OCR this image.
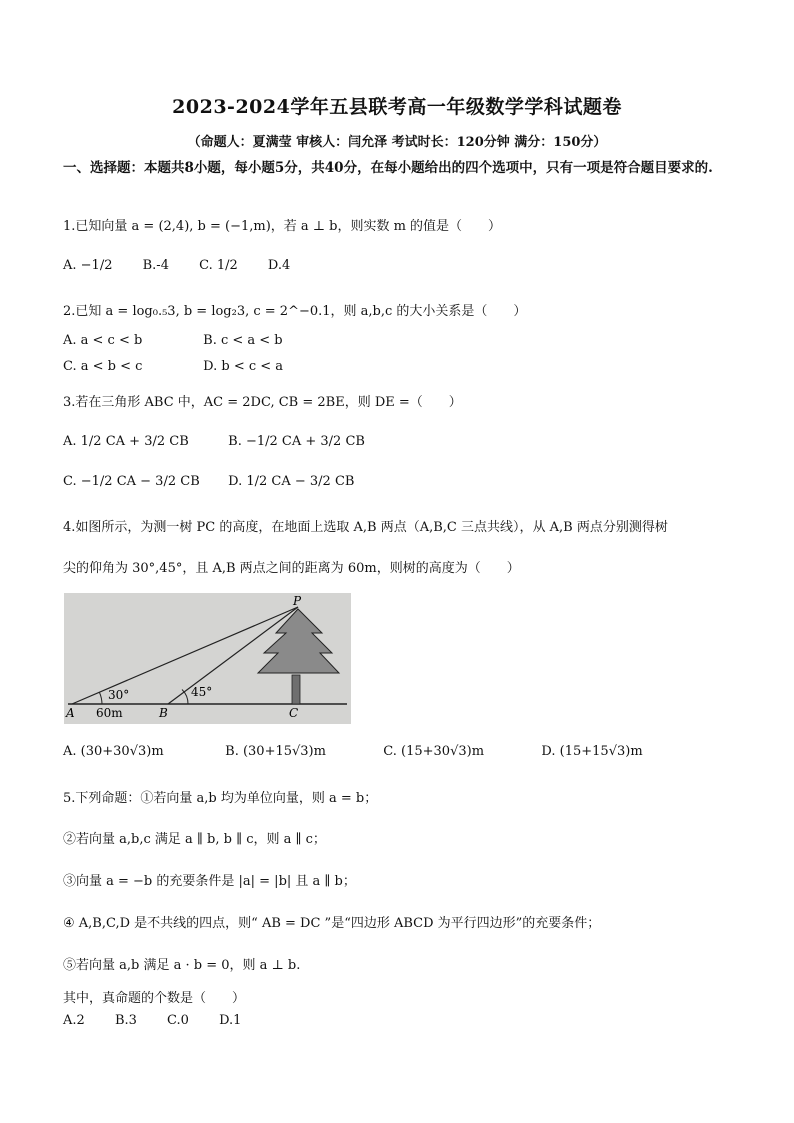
2023-2024学年五县联考高一年级数学学科试题卷
（命题人：夏满莹 审核人：闫允泽 考试时长：120分钟 满分：150分）
一、选择题：本题共8小题，每小题5分，共40分，在每小题给出的四个选项中，只有一项是符合题目要求的.
1.已知向量 a = (2,4), b = (−1,m)，若 a ⊥ b，则实数 m 的值是（　　）
A. −1/2 B.-4 C. 1/2 D.4
2.已知 a = log₀.₅3, b = log₂3, c = 2^−0.1，则 a,b,c 的大小关系是（　　）
A. a < c < b	B. c < a < b
C. a < b < c	D. b < c < a
3.若在三角形 ABC 中，AC = 2DC, CB = 2BE，则 DE =（　　）
A. 1/2 CA + 3/2 CB	B. −1/2 CA + 3/2 CB
C. −1/2 CA − 3/2 CB D. 1/2 CA − 3/2 CB
4.如图所示，为测一树 PC 的高度，在地面上选取 A,B 两点（A,B,C 三点共线），从 A,B 两点分别测得树
尖的仰角为 30°,45°，且 A,B 两点之间的距离为 60m，则树的高度为（　　）
P
A	B	C
30°	45°
60m
A. (30+30√3)m	B. (30+15√3)m	C. (15+30√3)m	D. (15+15√3)m
5.下列命题：①若向量 a,b 均为单位向量，则 a = b；
②若向量 a,b,c 满足 a ∥ b, b ∥ c，则 a ∥ c；
③向量 a = −b 的充要条件是 |a| = |b| 且 a ∥ b；
④ A,B,C,D 是不共线的四点，则“ AB = DC ”是“四边形 ABCD 为平行四边形”的充要条件；
⑤若向量 a,b 满足 a · b = 0，则 a ⊥ b.
其中，真命题的个数是（　　）
A.2 B.3 C.0 D.1
